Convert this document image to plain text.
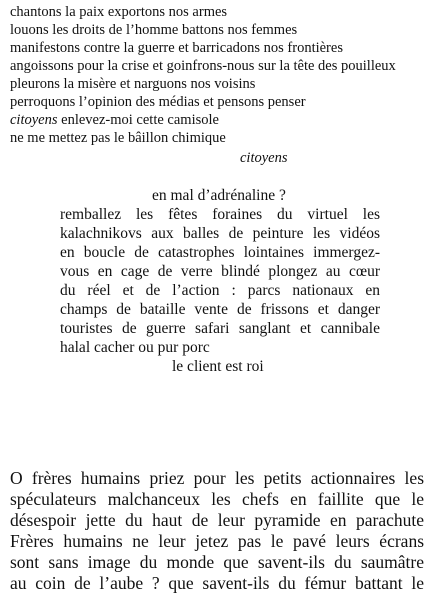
chantons la paix exportons nos armes
louons les droits de l’homme battons nos femmes
manifestons contre la guerre et barricadons nos frontières
angoissons pour la crise et goinfrons-nous sur la tête des pouilleux
pleurons la misère et narguons nos voisins
perroquons l’opinion des médias et pensons penser
citoyens enlevez-moi cette camisole
ne me mettez pas le bâillon chimique
citoyens
en mal d’adrénaline ?
remballez les fêtes foraines du virtuel les
kalachnikovs aux balles de peinture les vidéos
en boucle de catastrophes lointaines immergez-
vous en cage de verre blindé plongez au cœur
du réel et de l’action : parcs nationaux en
champs de bataille vente de frissons et danger
touristes de guerre safari sanglant et cannibale
halal cacher ou pur porc
le client est roi
O frères humains priez pour les petits actionnaires les
spéculateurs malchanceux les chefs en faillite que le
désespoir jette du haut de leur pyramide en parachute
Frères humains ne leur jetez pas le pavé leurs écrans
sont sans image du monde que savent-ils du saumâtre
au coin de l’aube ? que savent-ils du fémur battant le
